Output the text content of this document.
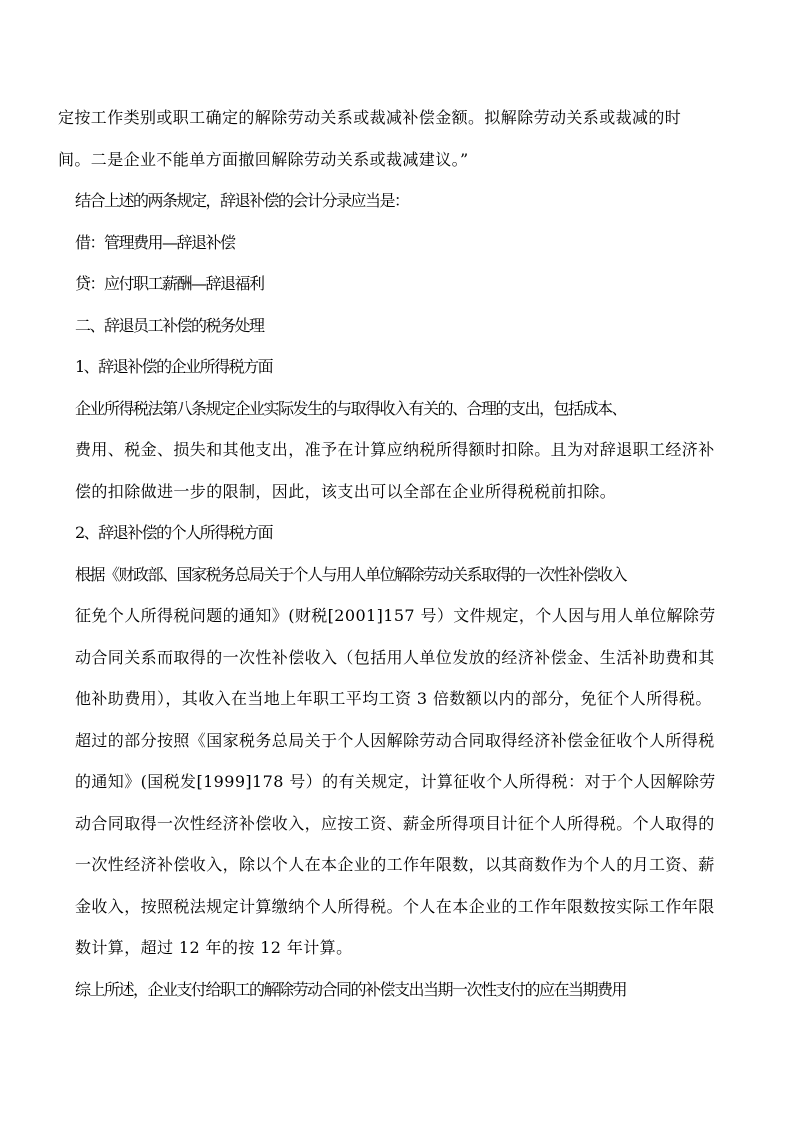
定按工作类别或职工确定的解除劳动关系或裁减补偿金额。拟解除劳动关系或裁减的时
间。二是企业不能单方面撤回解除劳动关系或裁减建议。”
结合上述的两条规定，辞退补偿的会计分录应当是：
借：管理费用—辞退补偿
贷：应付职工薪酬—辞退福利
二、辞退员工补偿的税务处理
1、辞退补偿的企业所得税方面
企业所得税法第八条规定企业实际发生的与取得收入有关的、合理的支出，包括成本、
费用、税金、损失和其他支出，准予在计算应纳税所得额时扣除。且为对辞退职工经济补
偿的扣除做进一步的限制，因此，该支出可以全部在企业所得税税前扣除。
2、辞退补偿的个人所得税方面
根据《财政部、国家税务总局关于个人与用人单位解除劳动关系取得的一次性补偿收入
征免个人所得税问题的通知》(财税[2001]157 号）文件规定，个人因与用人单位解除劳
动合同关系而取得的一次性补偿收入（包括用人单位发放的经济补偿金、生活补助费和其
他补助费用），其收入在当地上年职工平均工资 3 倍数额以内的部分，免征个人所得税。
超过的部分按照《国家税务总局关于个人因解除劳动合同取得经济补偿金征收个人所得税
的通知》(国税发[1999]178 号）的有关规定，计算征收个人所得税：对于个人因解除劳
动合同取得一次性经济补偿收入，应按工资、薪金所得项目计征个人所得税。个人取得的
一次性经济补偿收入，除以个人在本企业的工作年限数，以其商数作为个人的月工资、薪
金收入，按照税法规定计算缴纳个人所得税。个人在本企业的工作年限数按实际工作年限
数计算，超过 12 年的按 12 年计算。
综上所述，企业支付给职工的解除劳动合同的补偿支出当期一次性支付的应在当期费用
